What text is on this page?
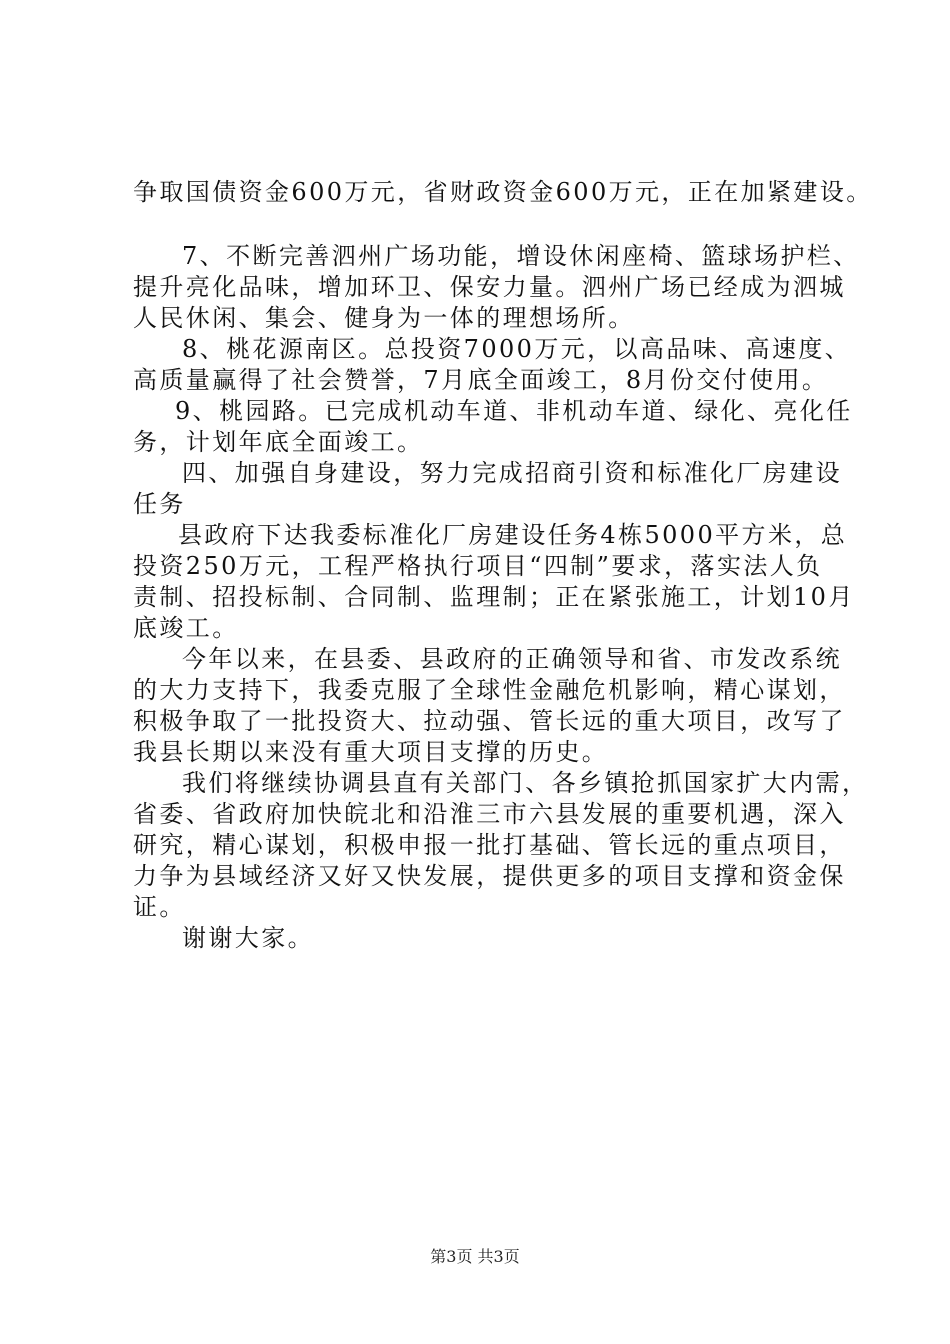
争取国债资金600万元，省财政资金600万元，正在加紧建设。
7、不断完善泗州广场功能，增设休闲座椅、篮球场护栏、
提升亮化品味，增加环卫、保安力量。泗州广场已经成为泗城
人民休闲、集会、健身为一体的理想场所。
8、桃花源南区。总投资7000万元，以高品味、高速度、
高质量赢得了社会赞誉，7月底全面竣工，8月份交付使用。
9、桃园路。已完成机动车道、非机动车道、绿化、亮化任
务，计划年底全面竣工。
四、加强自身建设，努力完成招商引资和标准化厂房建设
任务
县政府下达我委标准化厂房建设任务4栋5000平方米，总
投资250万元，工程严格执行项目“四制”要求，落实法人负
责制、招投标制、合同制、监理制；正在紧张施工，计划10月
底竣工。
今年以来，在县委、县政府的正确领导和省、市发改系统
的大力支持下，我委克服了全球性金融危机影响，精心谋划，
积极争取了一批投资大、拉动强、管长远的重大项目，改写了
我县长期以来没有重大项目支撑的历史。
我们将继续协调县直有关部门、各乡镇抢抓国家扩大内需，
省委、省政府加快皖北和沿淮三市六县发展的重要机遇，深入
研究，精心谋划，积极申报一批打基础、管长远的重点项目，
力争为县域经济又好又快发展，提供更多的项目支撑和资金保
证。
谢谢大家。
第3页 共3页
